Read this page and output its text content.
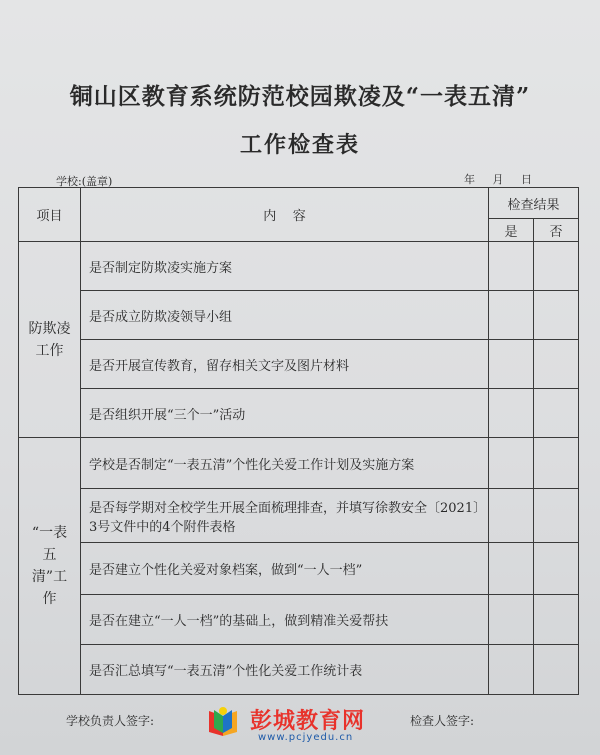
铜山区教育系统防范校园欺凌及“一表五清”
工作检查表
学校:(盖章)	年 月 日
项目	内    容	检查结果	
		是	否
防欺凌工作	是否制定防欺凌实施方案		
	是否成立防欺凌领导小组		
	是否开展宣传教育，留存相关文字及图片材料		
	是否组织开展“三个一”活动		
“一表五清”工作	学校是否制定“一表五清”个性化关爱工作计划及实施方案		
	是否每学期对全校学生开展全面梳理排查，并填写徐教安全〔2021〕3号文件中的4个附件表格		
	是否建立个性化关爱对象档案，做到“一人一档”		
	是否在建立“一人一档”的基础上，做到精准关爱帮扶		
	是否汇总填写“一表五清”个性化关爱工作统计表		
学校负责人签字:	检查人签字:
彭城教育网
www.pcjyedu.cn
